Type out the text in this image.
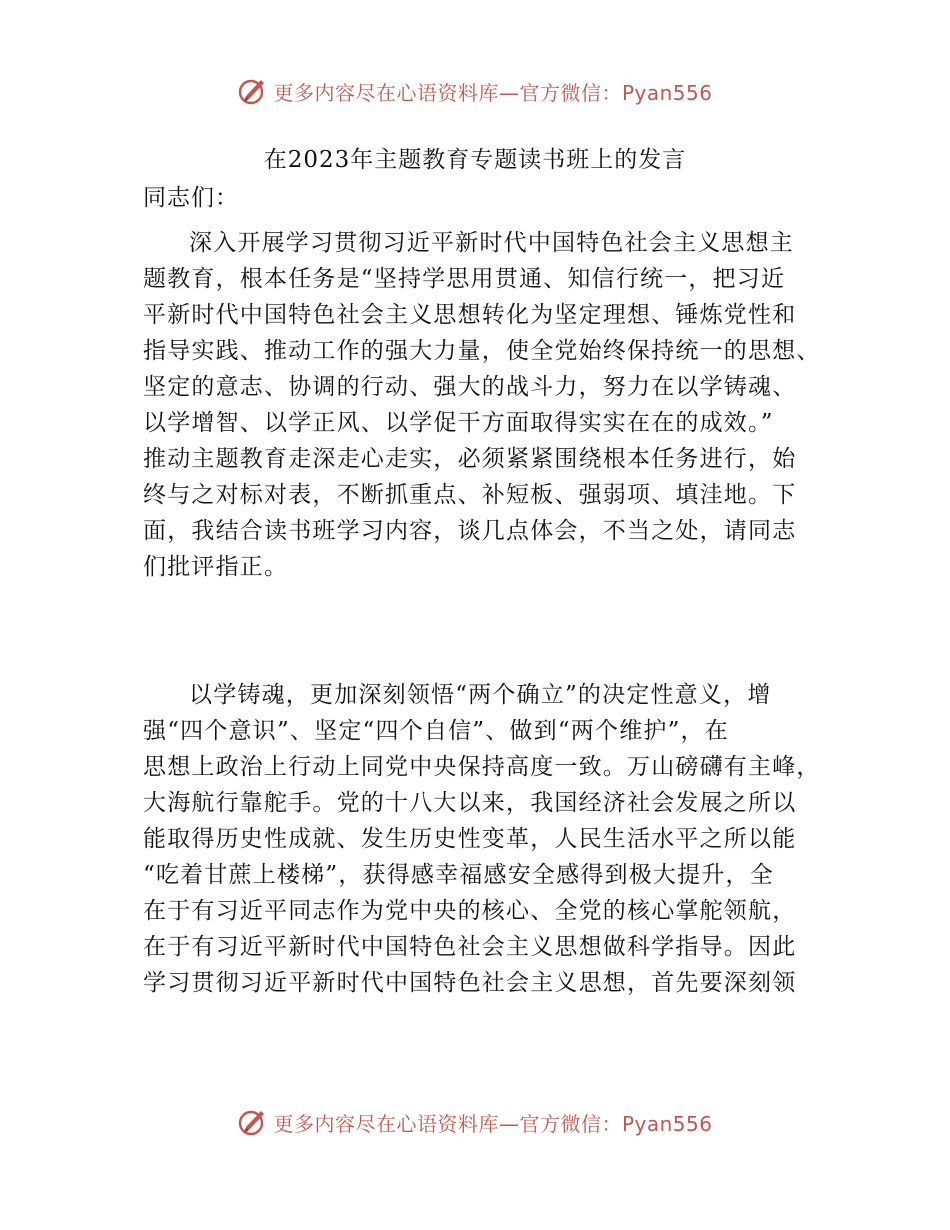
更多内容尽在心语资料库—官方微信：Pyan556
在2023年主题教育专题读书班上的发言
同志们：
深入开展学习贯彻习近平新时代中国特色社会主义思想主
题教育，根本任务是“坚持学思用贯通、知信行统一，把习近
平新时代中国特色社会主义思想转化为坚定理想、锤炼党性和
指导实践、推动工作的强大力量，使全党始终保持统一的思想、
坚定的意志、协调的行动、强大的战斗力，努力在以学铸魂、
以学增智、以学正风、以学促干方面取得实实在在的成效。”
推动主题教育走深走心走实，必须紧紧围绕根本任务进行，始
终与之对标对表，不断抓重点、补短板、强弱项、填洼地。下
面，我结合读书班学习内容，谈几点体会，不当之处，请同志
们批评指正。
以学铸魂，更加深刻领悟“两个确立”的决定性意义，增
强“四个意识”、坚定“四个自信”、做到“两个维护”，在
思想上政治上行动上同党中央保持高度一致。万山磅礴有主峰，
大海航行靠舵手。党的十八大以来，我国经济社会发展之所以
能取得历史性成就、发生历史性变革，人民生活水平之所以能
“吃着甘蔗上楼梯”，获得感幸福感安全感得到极大提升，全
在于有习近平同志作为党中央的核心、全党的核心掌舵领航，
在于有习近平新时代中国特色社会主义思想做科学指导。因此
学习贯彻习近平新时代中国特色社会主义思想，首先要深刻领
更多内容尽在心语资料库—官方微信：Pyan556
